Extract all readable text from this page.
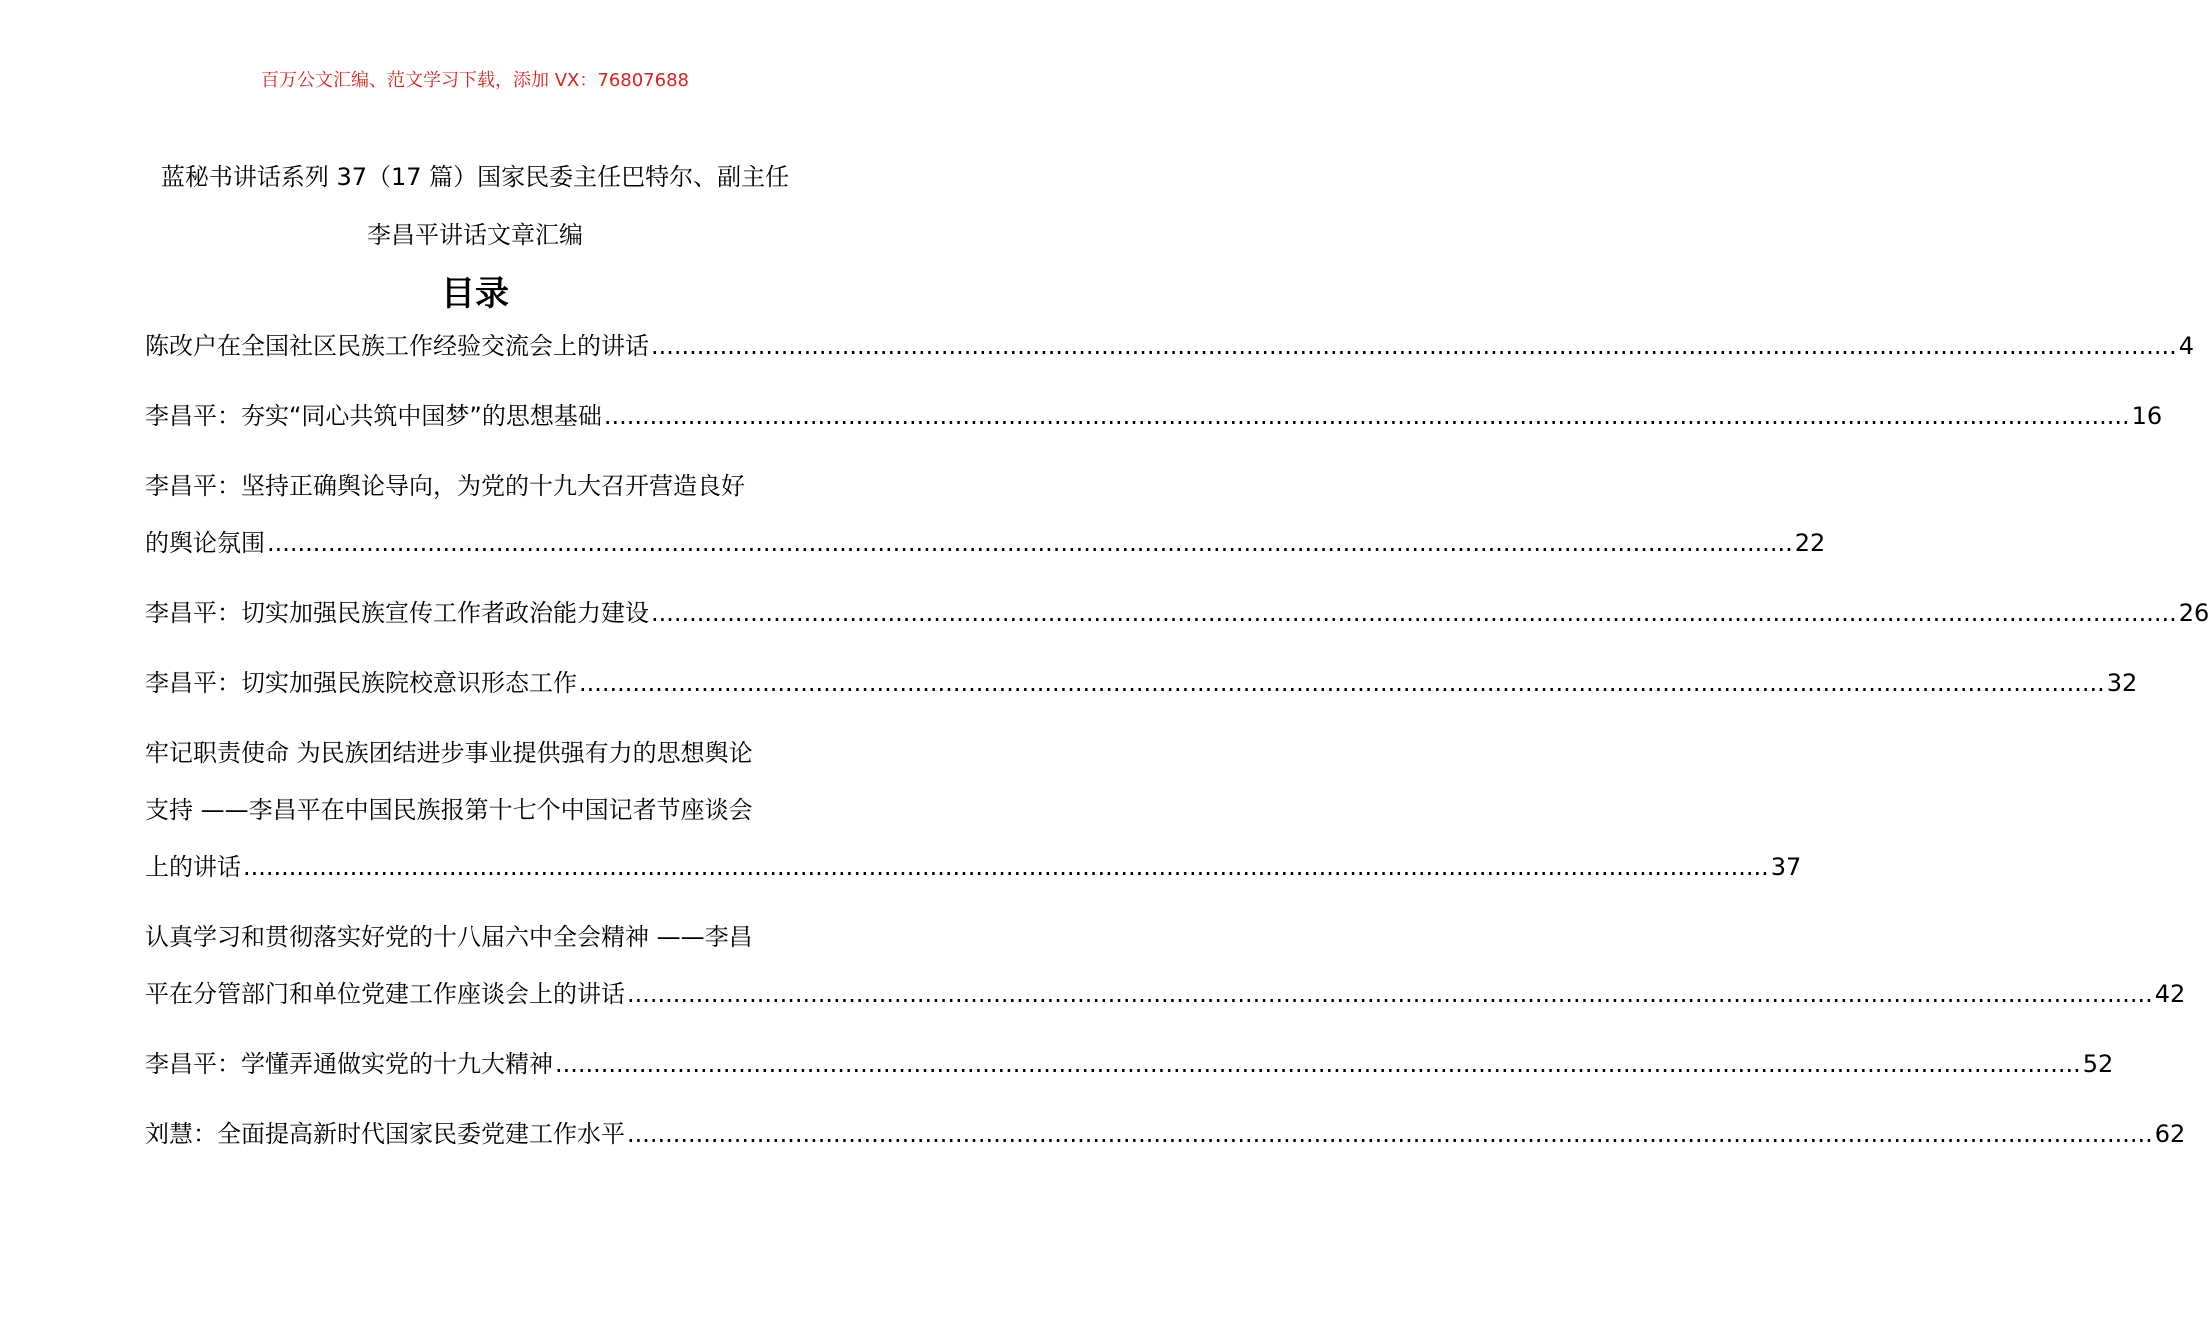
百万公文汇编、范文学习下载，添加 VX：76807688
蓝秘书讲话系列 37（17 篇）国家民委主任巴特尔、副主任
李昌平讲话文章汇编
目录
陈改户在全国社区民族工作经验交流会上的讲话 ........................................................................................................................................................................................................ 4
李昌平：夯实“同心共筑中国梦”的思想基础 ........................................................................................................................................................................................................ 16
李昌平：坚持正确舆论导向，为党的十九大召开营造良好
的舆论氛围 ........................................................................................................................................................................................................ 22
李昌平：切实加强民族宣传工作者政治能力建设 ........................................................................................................................................................................................................ 26
李昌平：切实加强民族院校意识形态工作 ........................................................................................................................................................................................................ 32
牢记职责使命 为民族团结进步事业提供强有力的思想舆论
支持 ——李昌平在中国民族报第十七个中国记者节座谈会
上的讲话 ........................................................................................................................................................................................................ 37
认真学习和贯彻落实好党的十八届六中全会精神 ——李昌
平在分管部门和单位党建工作座谈会上的讲话 ........................................................................................................................................................................................................ 42
李昌平：学懂弄通做实党的十九大精神 ........................................................................................................................................................................................................ 52
刘慧：全面提高新时代国家民委党建工作水平 ........................................................................................................................................................................................................ 62
